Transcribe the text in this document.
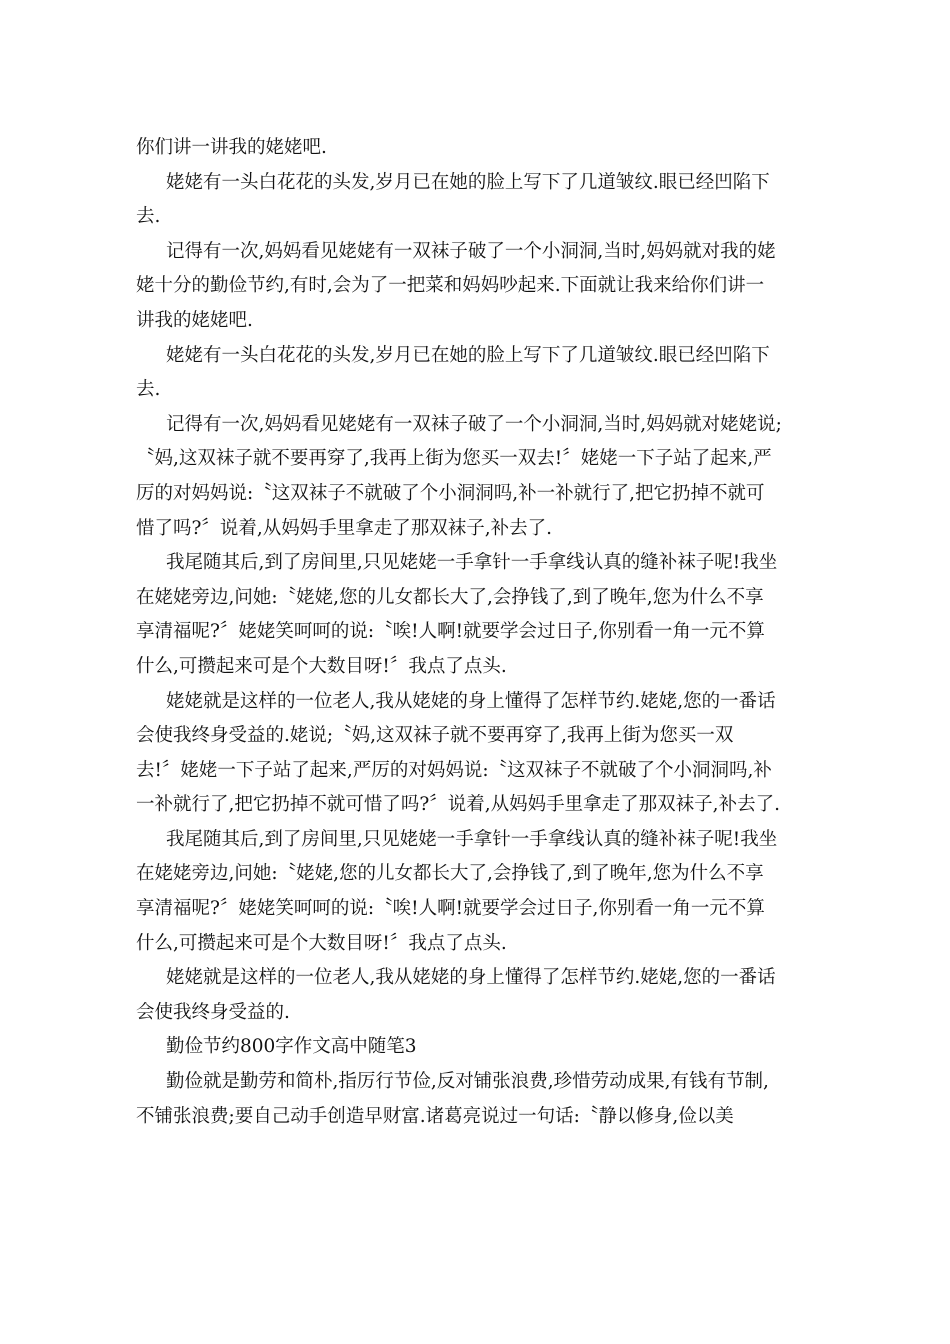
你们讲一讲我的姥姥吧.
姥姥有一头白花花的头发,岁月已在她的脸上写下了几道皱纹.眼已经凹陷下
去.
记得有一次,妈妈看见姥姥有一双袜子破了一个小洞洞,当时,妈妈就对我的姥
姥十分的勤俭节约,有时,会为了一把菜和妈妈吵起来.下面就让我来给你们讲一
讲我的姥姥吧.
姥姥有一头白花花的头发,岁月已在她的脸上写下了几道皱纹.眼已经凹陷下
去.
记得有一次,妈妈看见姥姥有一双袜子破了一个小洞洞,当时,妈妈就对姥姥说;
〝妈,这双袜子就不要再穿了,我再上街为您买一双去!〞姥姥一下子站了起来,严
厉的对妈妈说:〝这双袜子不就破了个小洞洞吗,补一补就行了,把它扔掉不就可
惜了吗?〞说着,从妈妈手里拿走了那双袜子,补去了.
我尾随其后,到了房间里,只见姥姥一手拿针一手拿线认真的缝补袜子呢!我坐
在姥姥旁边,问她:〝姥姥,您的儿女都长大了,会挣钱了,到了晚年,您为什么不享
享清福呢?〞姥姥笑呵呵的说:〝唉!人啊!就要学会过日子,你别看一角一元不算
什么,可攒起来可是个大数目呀!〞我点了点头.
姥姥就是这样的一位老人,我从姥姥的身上懂得了怎样节约.姥姥,您的一番话
会使我终身受益的.姥说;〝妈,这双袜子就不要再穿了,我再上街为您买一双
去!〞姥姥一下子站了起来,严厉的对妈妈说:〝这双袜子不就破了个小洞洞吗,补
一补就行了,把它扔掉不就可惜了吗?〞说着,从妈妈手里拿走了那双袜子,补去了.
我尾随其后,到了房间里,只见姥姥一手拿针一手拿线认真的缝补袜子呢!我坐
在姥姥旁边,问她:〝姥姥,您的儿女都长大了,会挣钱了,到了晚年,您为什么不享
享清福呢?〞姥姥笑呵呵的说:〝唉!人啊!就要学会过日子,你别看一角一元不算
什么,可攒起来可是个大数目呀!〞我点了点头.
姥姥就是这样的一位老人,我从姥姥的身上懂得了怎样节约.姥姥,您的一番话
会使我终身受益的.
勤俭节约800字作文高中随笔3
勤俭就是勤劳和简朴,指厉行节俭,反对铺张浪费,珍惜劳动成果,有钱有节制,
不铺张浪费;要自己动手创造早财富.诸葛亮说过一句话:〝静以修身,俭以美
